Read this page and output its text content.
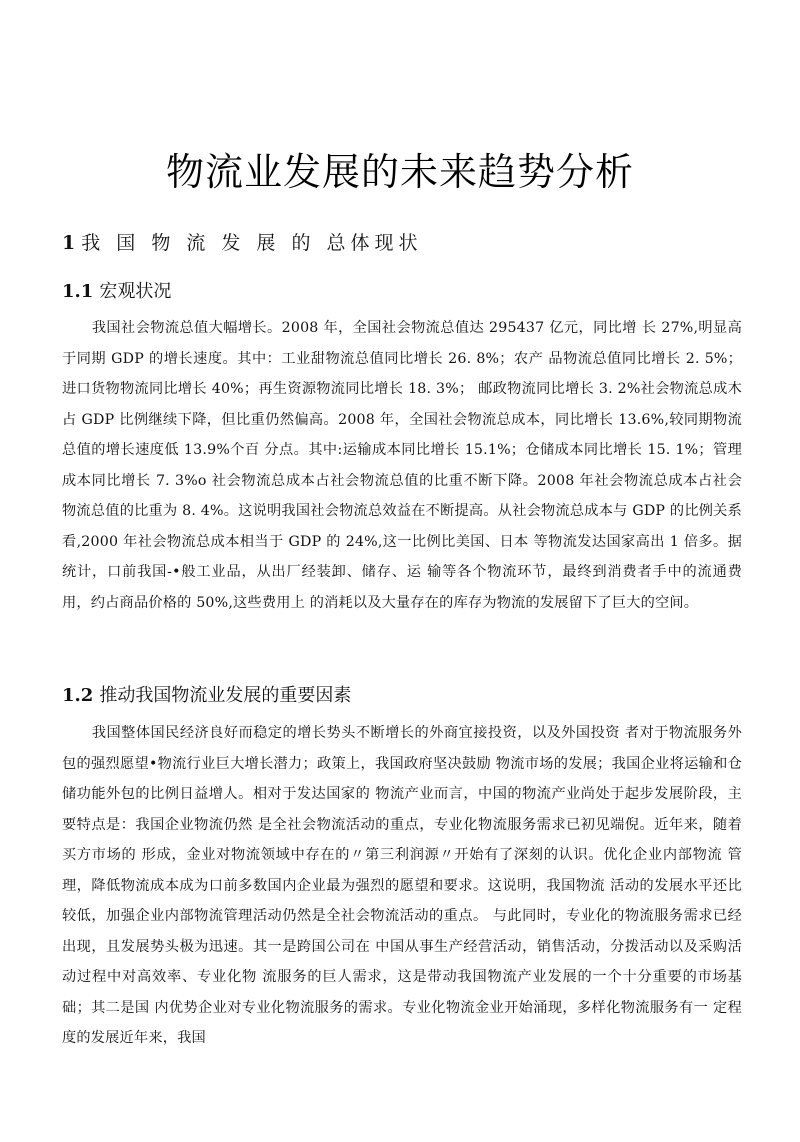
物流业发展的未来趋势分析
1 我 国 物 流 发 展 的 总体现状
1.1 宏观状况

我国社会物流总值大幅增长。2008 年，全国社会物流总值达 295437 亿元，同比增 长 27%,明显高于同期 GDP 的增长速度。其中：工业甜物流总值同比增长 26. 8%；农产 品物流总值同比增长 2. 5%；进口货物物流同比增长 40%；再生资源物流同比增长 18. 3%； 邮政物流同比增长 3. 2%社会物流总成木占 GDP 比例继续下降，但比重仍然偏高。2008 年，全国社会物流总成本，同比增长 13.6%,较同期物流总值的增长速度低 13.9%个百 分点。其中:运输成本同比增长 15.1%；仓储成本同比增长 15. 1%；管理成本同比增长 7. 3%o 社会物流总成本占社会物流总值的比重不断下降。2008 年社会物流总成本占社会 物流总值的比重为 8. 4%。这说明我国社会物流总效益在不断提高。从社会物流总成本与 GDP 的比例关系看,2000 年社会物流总成本相当于 GDP 的 24%,这一比例比美国、日本 等物流发达国家高出 1 倍多。据统计，口前我国-•般工业品，从出厂经装卸、储存、运 输等各个物流环节，最终到消费者手中的流通费用，约占商品价格的 50%,这些费用上 的消耗以及大量存在的库存为物流的发展留下了巨大的空间。

1.2 推动我国物流业发展的重要因素

我国整体国民经济良好而稳定的增长势头不断增长的外商宜接投资，以及外国投资 者对于物流服务外包的强烈愿望•物流行业巨大增长潜力；政策上，我国政府坚决鼓励 物流市场的发展；我国企业将运输和仓储功能外包的比例日益增人。相对于发达国家的 物流产业而言，中国的物流产业尚处于起步发展阶段，主要特点是：我国企业物流仍然 是全社会物流活动的重点，专业化物流服务需求已初见端倪。近年来，随着买方市场的 形成，金业对物流领域中存在的〃第三利润源〃开始有了深刻的认识。优化企业内部物流 管理，降低物流成本成为口前多数国内企业最为强烈的愿望和要求。这说明，我国物流 活动的发展水平还比较低，加强企业内部物流管理活动仍然是全社会物流活动的重点。 与此同时，专业化的物流服务需求已经出现，且发展势头极为迅速。其一是跨国公司在 中国从事生产经营活动，销售活动，分拨活动以及采购活动过程中对高效率、专业化物 流服务的巨人需求，这是带动我国物流产业发展的一个十分重要的市场基础；其二是国 内优势企业对专业化物流服务的需求。专业化物流金业开始涌现，多样化物流服务有一 定程度的发展近年来，我国
